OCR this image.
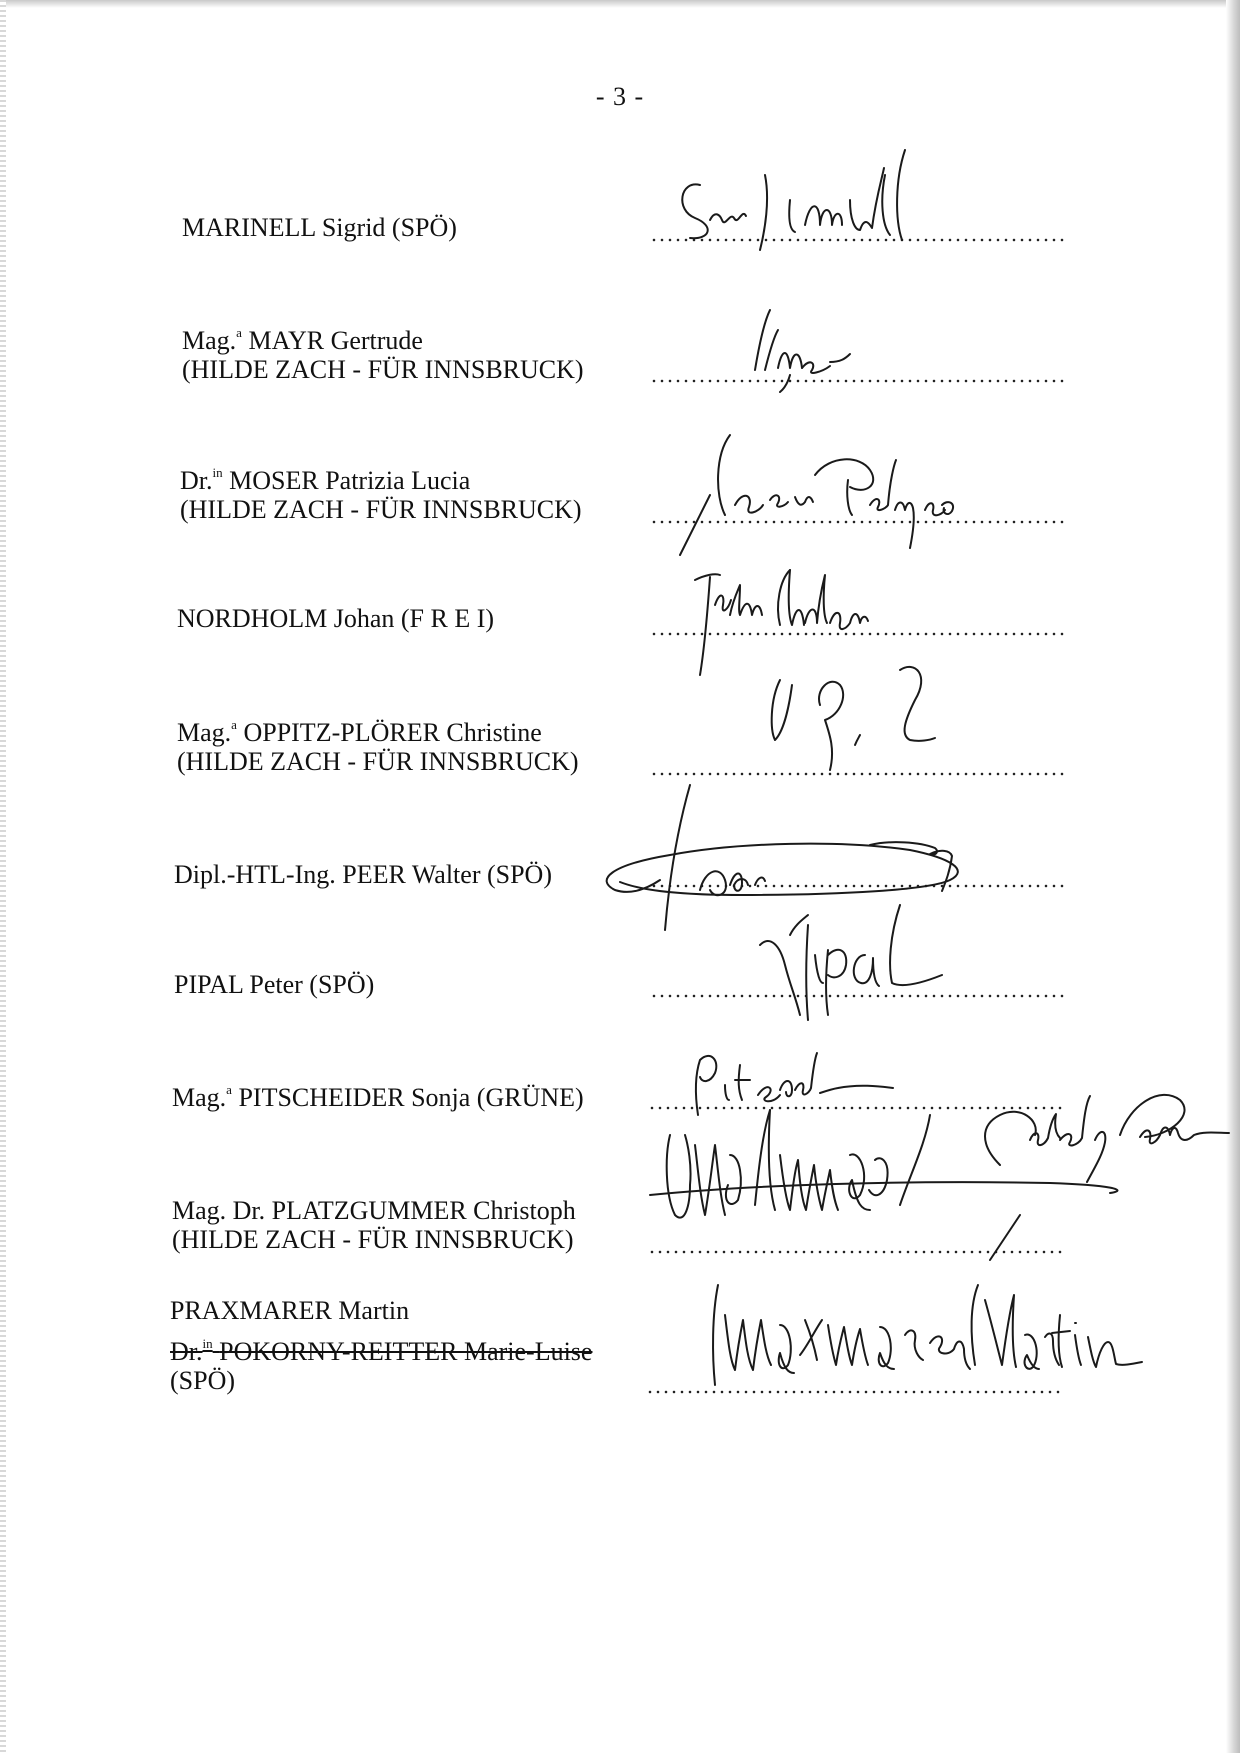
- 3 -
MARINELL Sigrid (SPÖ)
Mag.$^a$ MAYR Gertrude
(HILDE ZACH - FÜR INNSBRUCK)
Dr.$^{in}$ MOSER Patrizia Lucia
(HILDE ZACH - FÜR INNSBRUCK)
NORDHOLM Johan (F R E I)
Mag.$^a$ OPPITZ-PLÖRER Christine
(HILDE ZACH - FÜR INNSBRUCK)
Dipl.-HTL-Ing. PEER Walter (SPÖ)
PIPAL Peter (SPÖ)
Mag.$^a$ PITSCHEIDER Sonja (GRÜNE)
Mag. Dr. PLATZGUMMER Christoph
(HILDE ZACH - FÜR INNSBRUCK)
PRAXMARER Martin
Dr.$^{in}$ POKORNY-REITTER Marie-Luise
(SPÖ)
